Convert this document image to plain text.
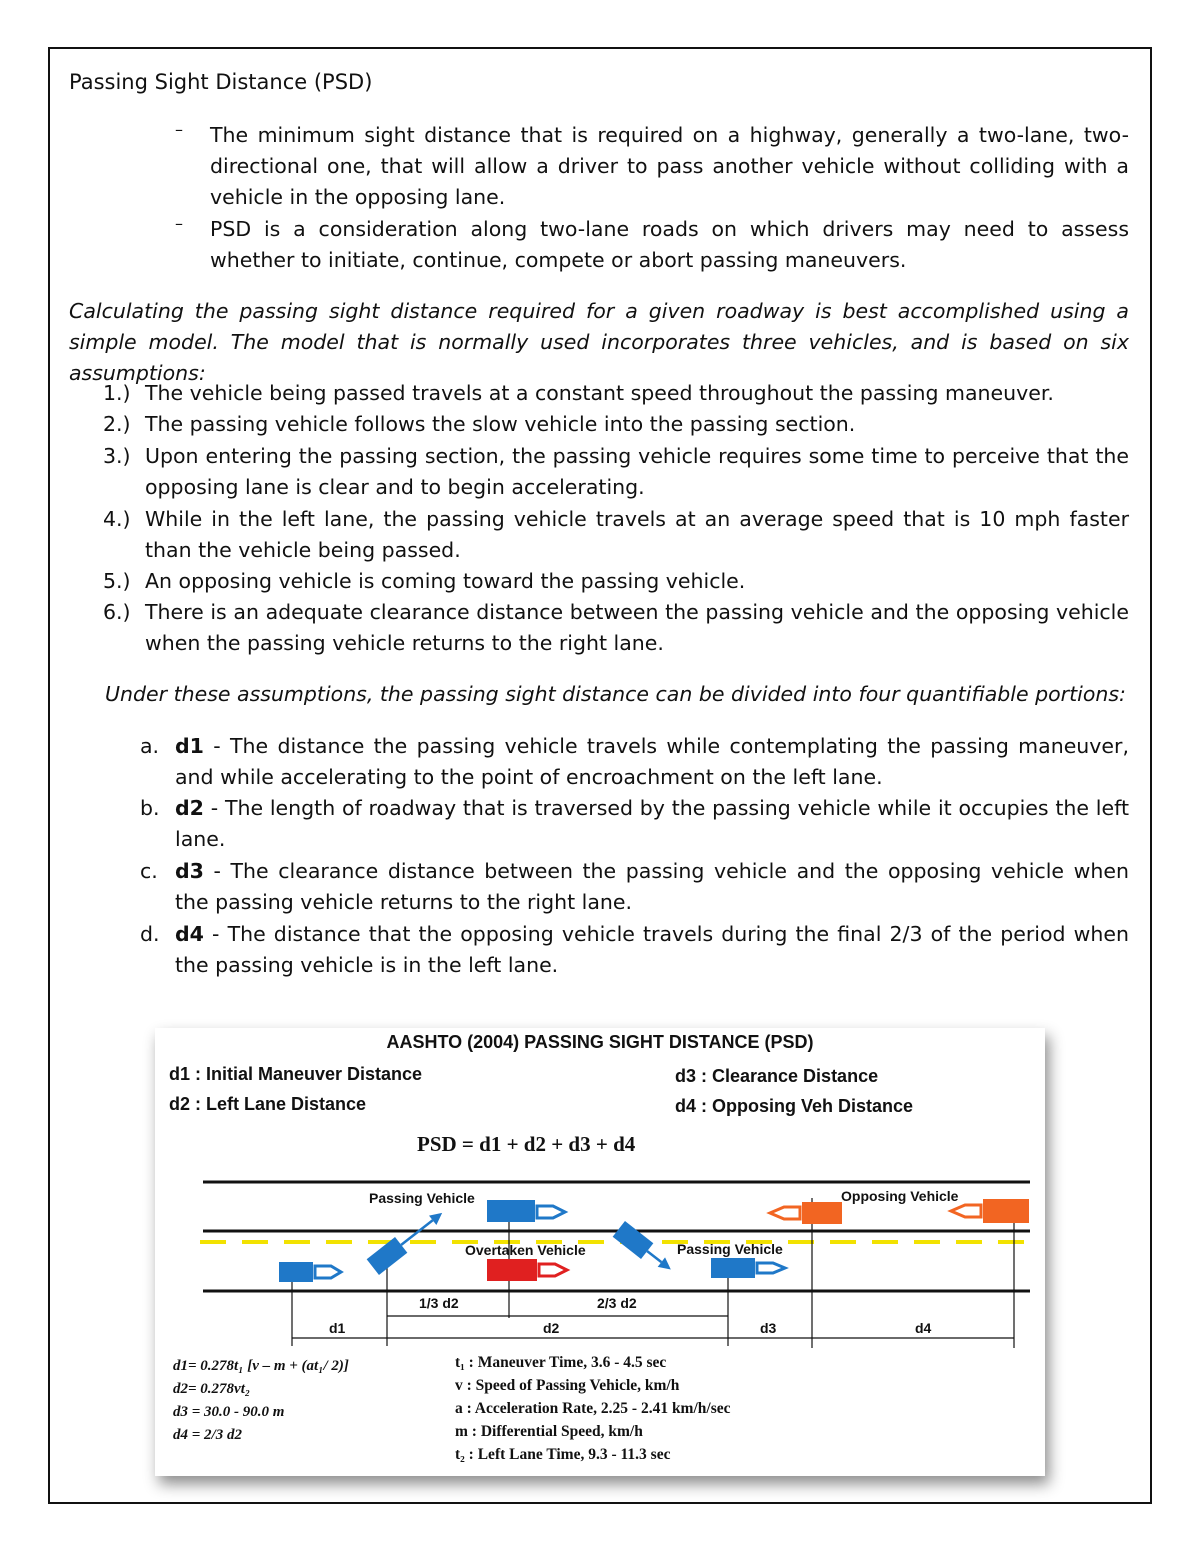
Passing Sight Distance (PSD)
– The minimum sight distance that is required on a highway, generally a two-lane, two-directional one, that will allow a driver to pass another vehicle without colliding with a vehicle in the opposing lane.
– PSD is a consideration along two-lane roads on which drivers may need to assess whether to initiate, continue, compete or abort passing maneuvers.

Calculating the passing sight distance required for a given roadway is best accomplished using a simple model. The model that is normally used incorporates three vehicles, and is based on six assumptions:

1.) The vehicle being passed travels at a constant speed throughout the passing maneuver.
2.) The passing vehicle follows the slow vehicle into the passing section.
3.) Upon entering the passing section, the passing vehicle requires some time to perceive that the opposing lane is clear and to begin accelerating.
4.) While in the left lane, the passing vehicle travels at an average speed that is 10 mph faster than the vehicle being passed.
5.) An opposing vehicle is coming toward the passing vehicle.
6.) There is an adequate clearance distance between the passing vehicle and the opposing vehicle when the passing vehicle returns to the right lane.

Under these assumptions, the passing sight distance can be divided into four quantifiable portions:

a. d1 - The distance the passing vehicle travels while contemplating the passing maneuver, and while accelerating to the point of encroachment on the left lane.
b. d2 - The length of roadway that is traversed by the passing vehicle while it occupies the left lane.
c. d3 - The clearance distance between the passing vehicle and the opposing vehicle when the passing vehicle returns to the right lane.
d. d4 - The distance that the opposing vehicle travels during the final 2/3 of the period when the passing vehicle is in the left lane.
AASHTO (2004) PASSING SIGHT DISTANCE (PSD)
d1 : Initial Maneuver Distance
d2 : Left Lane Distance
d3 : Clearance Distance
d4 : Opposing Veh Distance
PSD = d1 + d2 + d3 + d4
Passing Vehicle	Opposing Vehicle
Overtaken Vehicle	Passing Vehicle
1/3 d2	2/3 d2
d1	d2	d3	d4
d1= 0.278t₁ [v – m + (at₁/ 2)]
d2= 0.278vt₂
d3 = 30.0 - 90.0 m
d4 = 2/3 d2
t₁ : Maneuver Time, 3.6 - 4.5 sec
v : Speed of Passing Vehicle, km/h
a : Acceleration Rate, 2.25 - 2.41 km/h/sec
m : Differential Speed, km/h
t₂ : Left Lane Time, 9.3 - 11.3 sec
